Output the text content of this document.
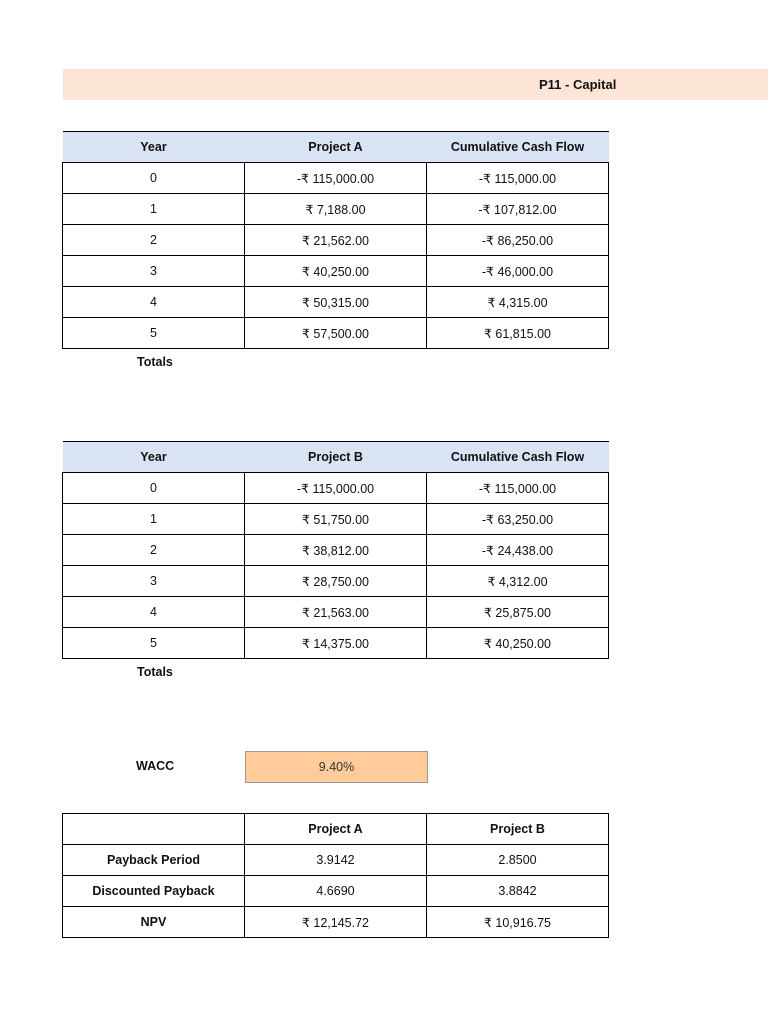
P11 - Capital
Year	Project A	Cumulative Cash Flow
0	-₹ 115,000.00	-₹ 115,000.00
1	₹ 7,188.00	-₹ 107,812.00
2	₹ 21,562.00	-₹ 86,250.00
3	₹ 40,250.00	-₹ 46,000.00
4	₹ 50,315.00	₹ 4,315.00
5	₹ 57,500.00	₹ 61,815.00
Totals
Year	Project B	Cumulative Cash Flow
0	-₹ 115,000.00	-₹ 115,000.00
1	₹ 51,750.00	-₹ 63,250.00
2	₹ 38,812.00	-₹ 24,438.00
3	₹ 28,750.00	₹ 4,312.00
4	₹ 21,563.00	₹ 25,875.00
5	₹ 14,375.00	₹ 40,250.00
Totals
WACC	9.40%
	Project A	Project B
Payback Period	3.9142	2.8500
Discounted Payback	4.6690	3.8842
NPV	₹ 12,145.72	₹ 10,916.75
